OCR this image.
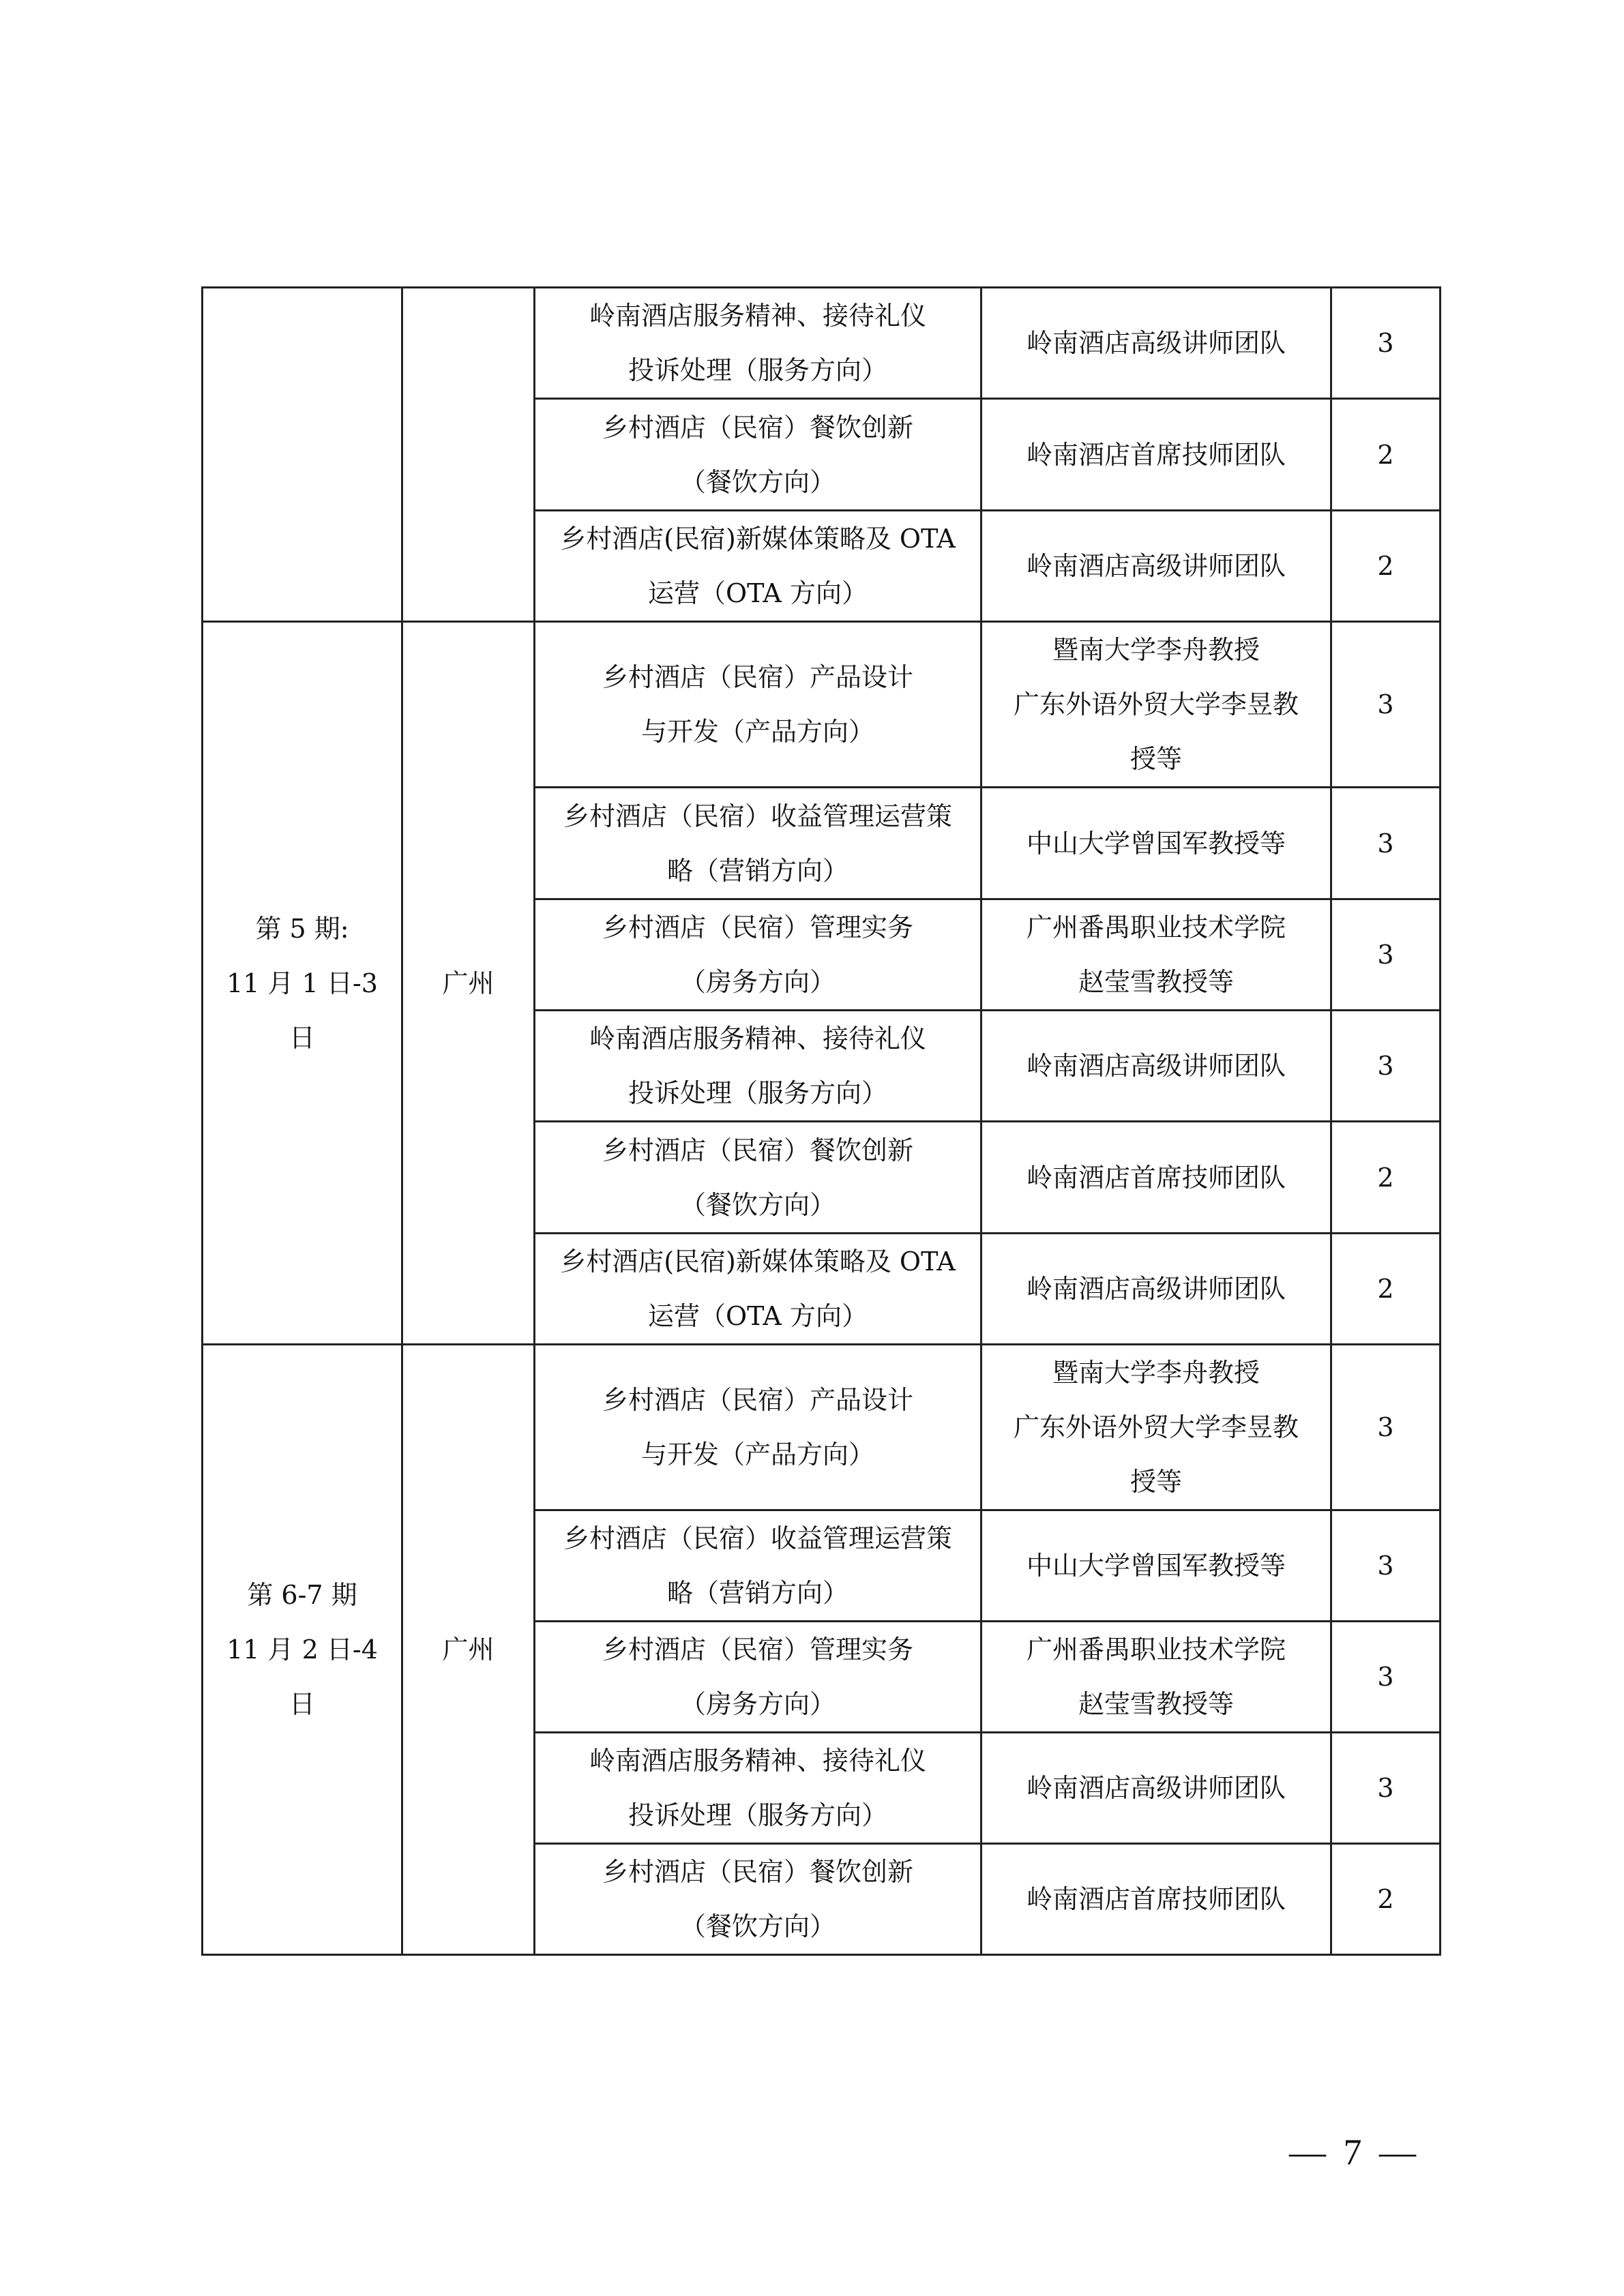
		岭南酒店服务精神、接待礼仪
投诉处理（服务方向）	岭南酒店高级讲师团队	3

		乡村酒店（民宿）餐饮创新
（餐饮方向）	岭南酒店首席技师团队	2

		乡村酒店(民宿)新媒体策略及 OTA
运营（OTA 方向）	岭南酒店高级讲师团队	2

第 5 期:
11 月 1 日-3
日	广州	乡村酒店（民宿）产品设计
与开发（产品方向）	暨南大学李舟教授
广东外语外贸大学李昱教
授等	3

		乡村酒店（民宿）收益管理运营策
略（营销方向）	中山大学曾国军教授等	3

		乡村酒店（民宿）管理实务
（房务方向）	广州番禺职业技术学院
赵莹雪教授等	3

		岭南酒店服务精神、接待礼仪
投诉处理（服务方向）	岭南酒店高级讲师团队	3

		乡村酒店（民宿）餐饮创新
（餐饮方向）	岭南酒店首席技师团队	2

		乡村酒店(民宿)新媒体策略及 OTA
运营（OTA 方向）	岭南酒店高级讲师团队	2

第 6-7 期
11 月 2 日-4
日	广州	乡村酒店（民宿）产品设计
与开发（产品方向）	暨南大学李舟教授
广东外语外贸大学李昱教
授等	3

		乡村酒店（民宿）收益管理运营策
略（营销方向）	中山大学曾国军教授等	3

		乡村酒店（民宿）管理实务
（房务方向）	广州番禺职业技术学院
赵莹雪教授等	3

		岭南酒店服务精神、接待礼仪
投诉处理（服务方向）	岭南酒店高级讲师团队	3

		乡村酒店（民宿）餐饮创新
（餐饮方向）	岭南酒店首席技师团队	2
— 7 —
